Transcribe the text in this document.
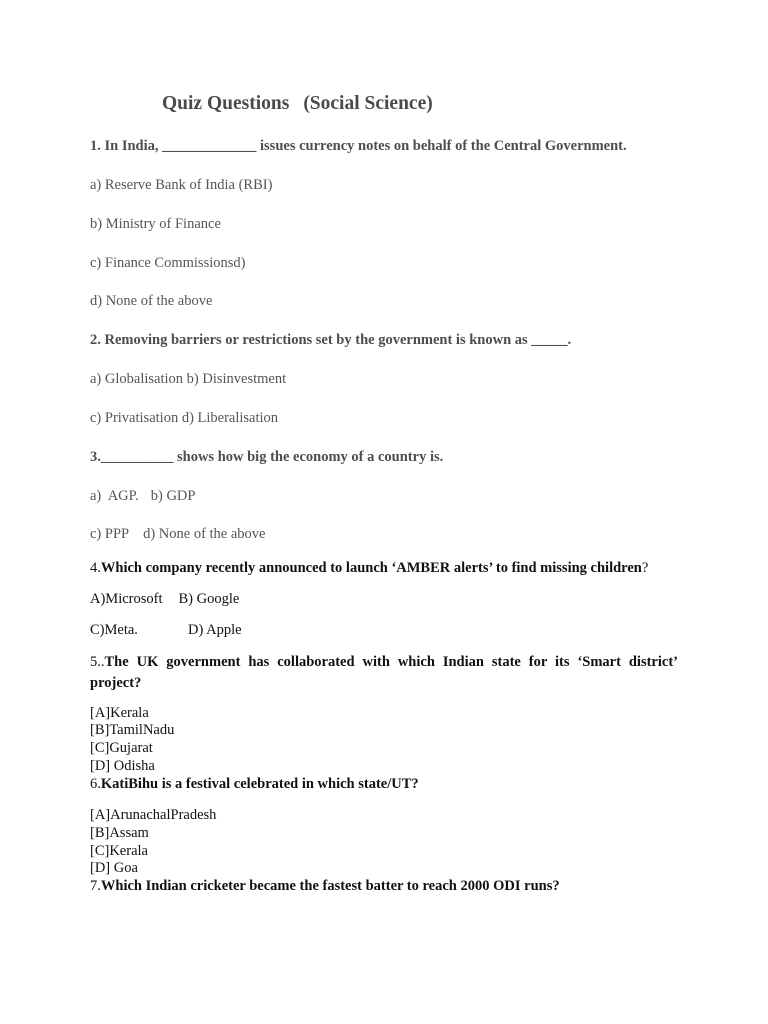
Quiz Questions (Social Science)
1. In India, _____________ issues currency notes on behalf of the Central Government.
a) Reserve Bank of India (RBI)
b) Ministry of Finance
c) Finance Commissionsd)
d) None of the above
2. Removing barriers or restrictions set by the government is known as _____.
a) Globalisation b) Disinvestment
c) Privatisation d) Liberalisation
3.__________ shows how big the economy of a country is.
a)  AGP. b) GDP
c) PPP d) None of the above
4.Which company recently announced to launch ‘AMBER alerts’ to find missing children?
A)Microsoft B) Google
C)Meta.	D) Apple
5..The UK government has collaborated with which Indian state for its ‘Smart district’ project?
[A]Kerala
[B]TamilNadu
[C]Gujarat
[D] Odisha
6.KatiBihu is a festival celebrated in which state/UT?
[A]ArunachalPradesh
[B]Assam
[C]Kerala
[D] Goa
7.Which Indian cricketer became the fastest batter to reach 2000 ODI runs?
